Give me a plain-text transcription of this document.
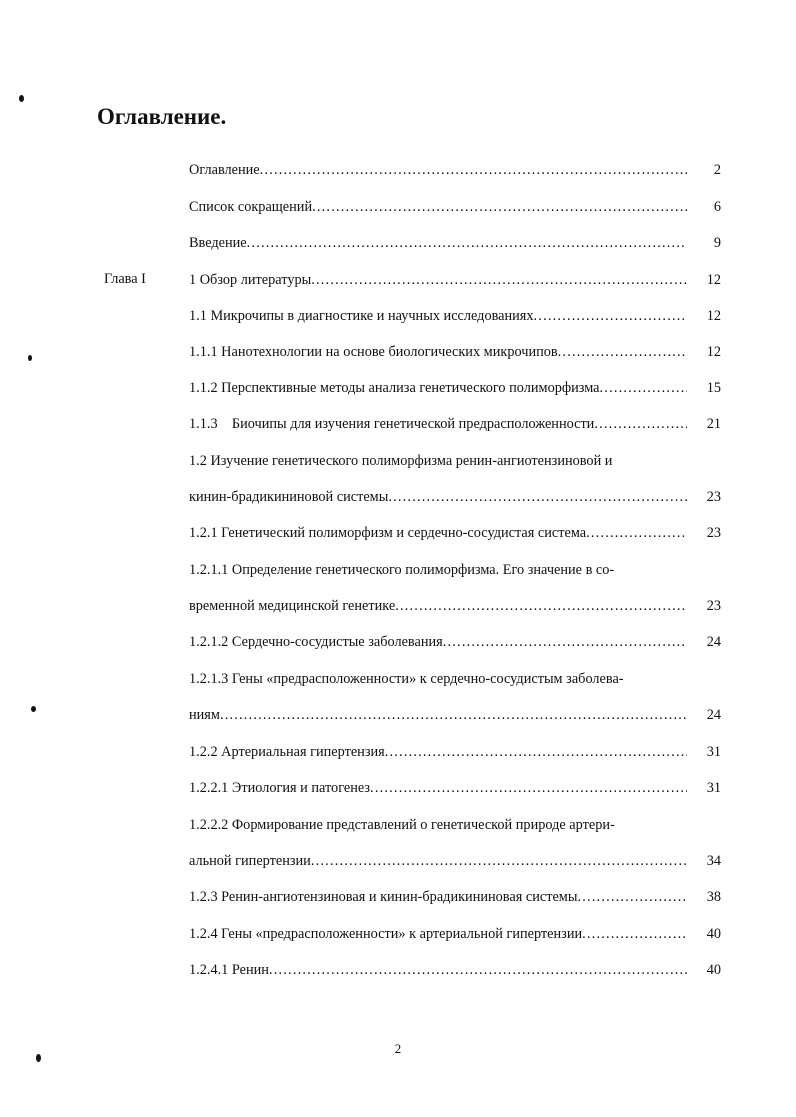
Оглавление.
Глава I
Оглавление .....	2
Список сокращений .....	6
Введение .....	9
1 Обзор литературы .....	12
1.1 Микрочипы в диагностике и научных исследованиях .....	12
1.1.1 Нанотехнологии на основе биологических микрочипов .....	12
1.1.2 Перспективные методы анализа генетического полиморфизма .....	15
1.1.3    Биочипы для изучения генетической предрасположенности .....	21
1.2 Изучение генетического полиморфизма ренин-ангиотензиновой и
кинин-брадикининовой системы .....	23
1.2.1 Генетический полиморфизм и сердечно-сосудистая система .....	23
1.2.1.1 Определение генетического полиморфизма. Его значение в со-
временной медицинской генетике .....	23
1.2.1.2 Сердечно-сосудистые заболевания .....	24
1.2.1.3 Гены «предрасположенности» к сердечно-сосудистым заболева-
ниям .....	24
1.2.2 Артериальная гипертензия .....	31
1.2.2.1 Этиология и патогенез .....	31
1.2.2.2 Формирование представлений о генетической природе артери-
альной гипертензии .....	34
1.2.3 Ренин-ангиотензиновая и кинин-брадикининовая системы .....	38
1.2.4 Гены «предрасположенности» к артериальной гипертензии .....	40
1.2.4.1 Ренин .....	40
2
